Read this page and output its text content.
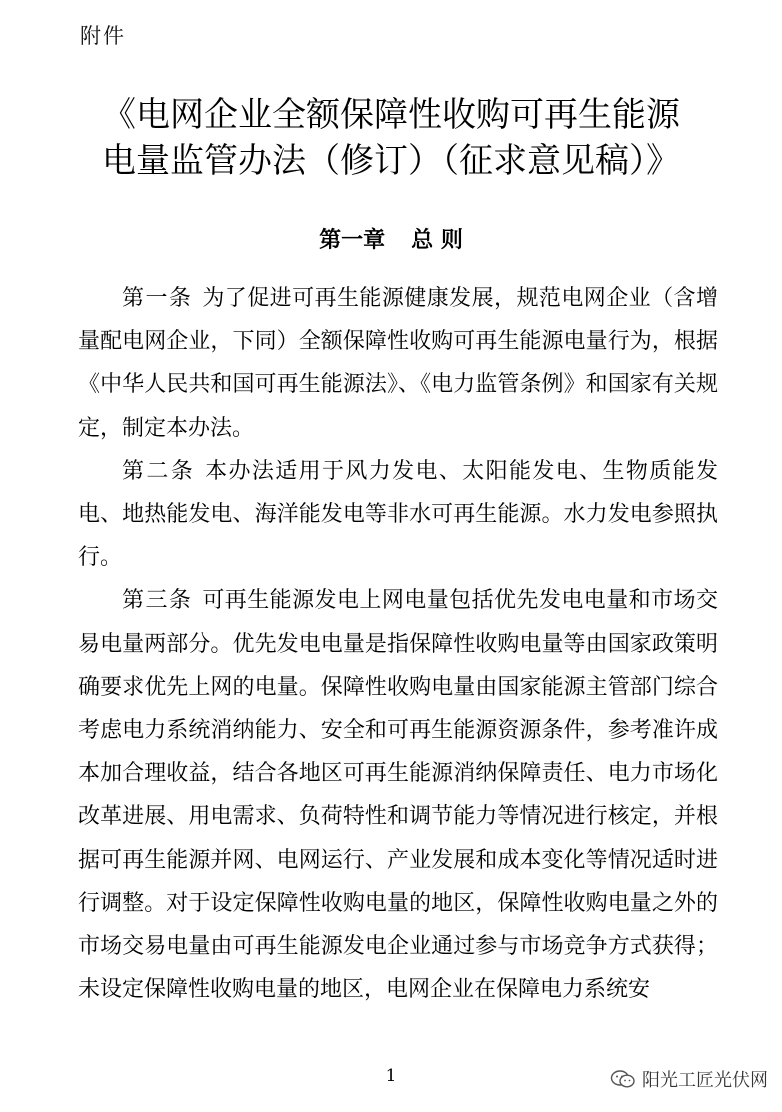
附件
《电网企业全额保障性收购可再生能源
电量监管办法（修订）（征求意见稿）》
第一章 总 则

第一条 为了促进可再生能源健康发展，规范电网企业（含增量配电网企业，下同）全额保障性收购可再生能源电量行为，根据《中华人民共和国可再生能源法》、《电力监管条例》和国家有关规定，制定本办法。

第二条 本办法适用于风力发电、太阳能发电、生物质能发电、地热能发电、海洋能发电等非水可再生能源。水力发电参照执行。

第三条 可再生能源发电上网电量包括优先发电电量和市场交易电量两部分。优先发电电量是指保障性收购电量等由国家政策明确要求优先上网的电量。保障性收购电量由国家能源主管部门综合考虑电力系统消纳能力、安全和可再生能源资源条件，参考准许成本加合理收益，结合各地区可再生能源消纳保障责任、电力市场化改革进展、用电需求、负荷特性和调节能力等情况进行核定，并根据可再生能源并网、电网运行、产业发展和成本变化等情况适时进行调整。对于设定保障性收购电量的地区，保障性收购电量之外的市场交易电量由可再生能源发电企业通过参与市场竞争方式获得；未设定保障性收购电量的地区，电网企业在保障电力系统安

1	阳光工匠光伏网
